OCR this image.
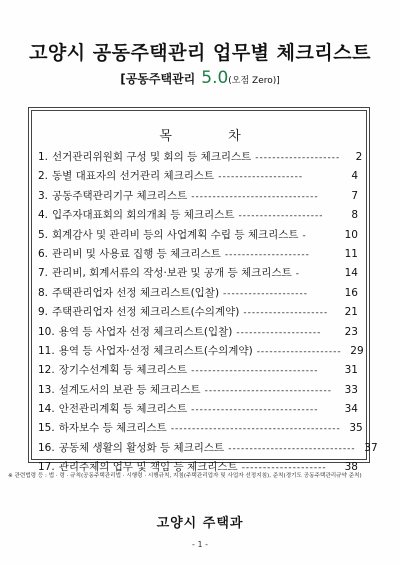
고양시 공동주택관리 업무별 체크리스트
[공동주택관리 5.0(오점 Zero)]
목 차
1. 선거관리위원회 구성 및 회의 등 체크리스트 --------------------	2
2. 동별 대표자의 선거관리 체크리스트 --------------------	4
3. 공동주택관리기구 체크리스트 ------------------------------	7
4. 입주자대표회의 회의개최 등 체크리스트 --------------------	8
5. 회계감사 및 관리비 등의 사업계획 수립 등 체크리스트 -	10
6. 관리비 및 사용료 집행 등 체크리스트 --------------------	11
7. 관리비, 회계서류의 작성·보관 및 공개 등 체크리스트 -	14
8. 주택관리업자 선정 체크리스트(입찰) --------------------	16
9. 주택관리업자 선정 체크리스트(수의계약) --------------------	21
10. 용역 등 사업자 선정 체크리스트(입찰) --------------------	23
11. 용역 등 사업자·선정 체크리스트(수의계약) -------------------- 29
12. 장기수선계획 등 체크리스트 ------------------------------	31
13. 설계도서의 보관 등 체크리스트 ------------------------------	33
14. 안전관리계획 등 체크리스트 ------------------------------	34
15. 하자보수 등 체크리스트 ---------------------------------------- 35
16. 공동체 생활의 활성화 등 체크리스트 ------------------------------ 37
17. 관리주체의 업무 및 책임 등 체크리스트 --------------------	38
※ 관련법령 등 : 법 · 령 · 규칙(공동주택관리법 · 시행령 · 시행규칙, 지침(주택관리업자 및 사업자 선정지침), 준칙(경기도 공동주택관리규약 준칙)
고양시 주택과
- 1 -
